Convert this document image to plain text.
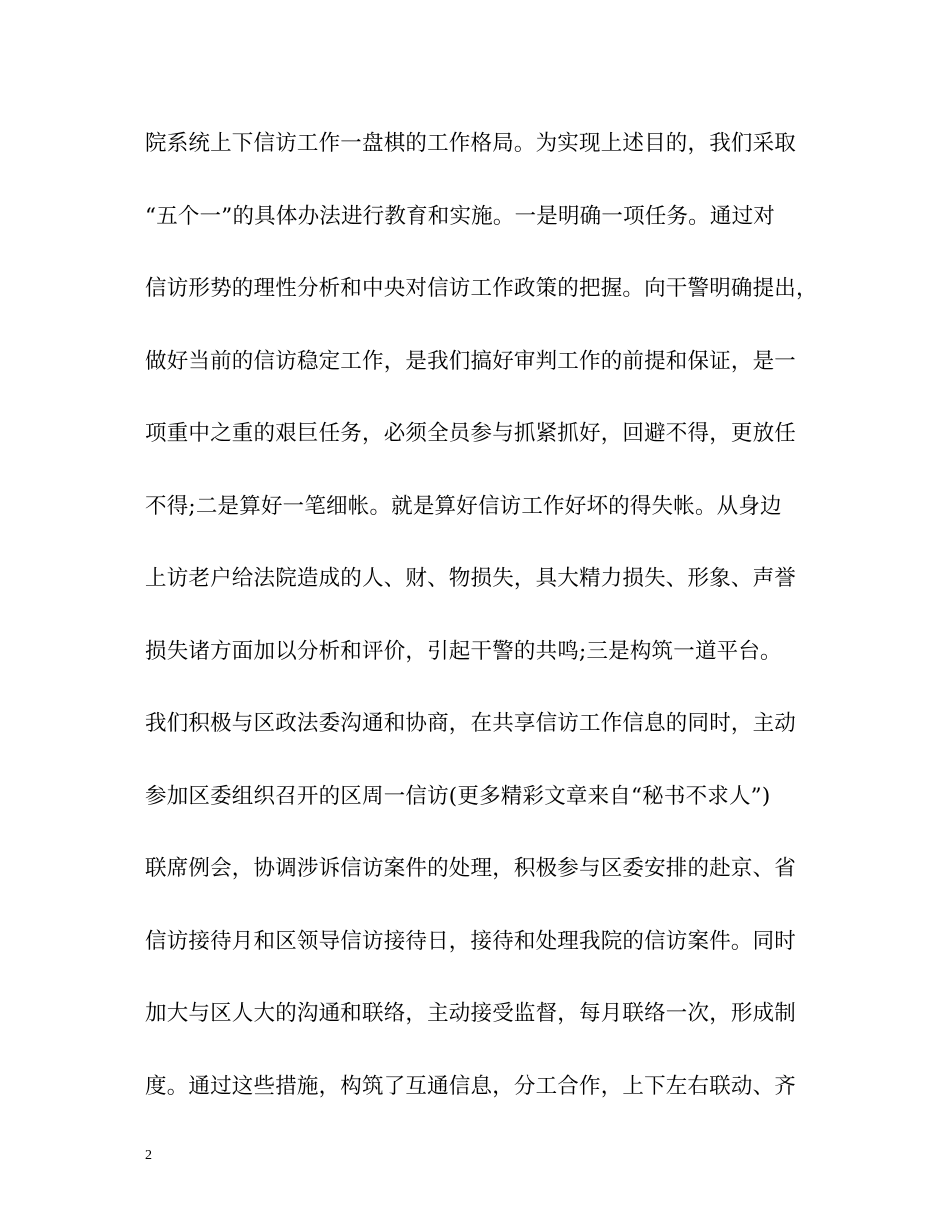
院系统上下信访工作一盘棋的工作格局。为实现上述目的，我们采取
“五个一”的具体办法进行教育和实施。一是明确一项任务。通过对
信访形势的理性分析和中央对信访工作政策的把握。向干警明确提出，
做好当前的信访稳定工作，是我们搞好审判工作的前提和保证，是一
项重中之重的艰巨任务，必须全员参与抓紧抓好，回避不得，更放任
不得;二是算好一笔细帐。就是算好信访工作好坏的得失帐。从身边
上访老户给法院造成的人、财、物损失，具大精力损失、形象、声誉
损失诸方面加以分析和评价，引起干警的共鸣;三是构筑一道平台。
我们积极与区政法委沟通和协商，在共享信访工作信息的同时，主动
参加区委组织召开的区周一信访(更多精彩文章来自“秘书不求人”)
联席例会，协调涉诉信访案件的处理，积极参与区委安排的赴京、省
信访接待月和区领导信访接待日，接待和处理我院的信访案件。同时
加大与区人大的沟通和联络，主动接受监督，每月联络一次，形成制
度。通过这些措施，构筑了互通信息，分工合作，上下左右联动、齐
2
